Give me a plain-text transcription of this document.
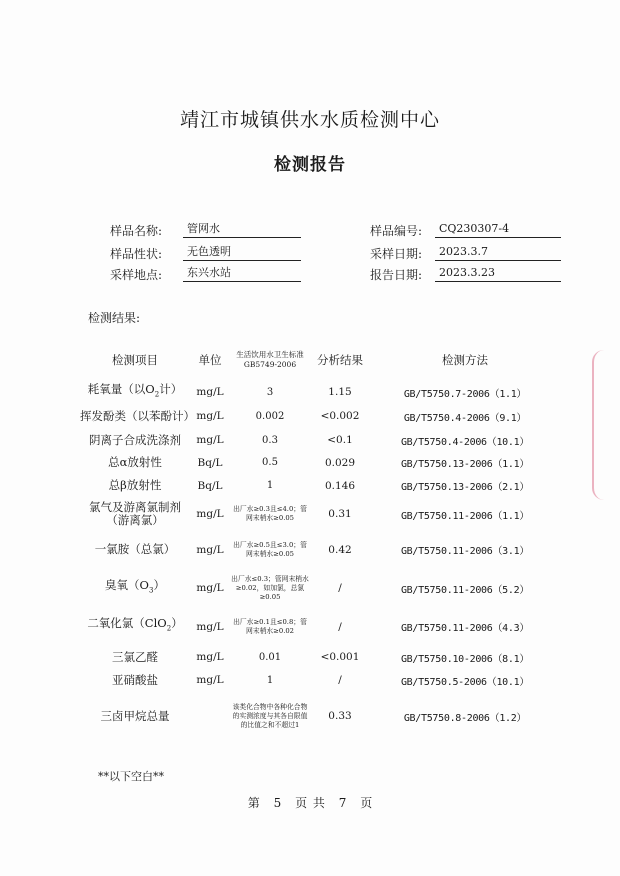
靖江市城镇供水水质检测中心
检测报告
样品名称:	管网水	样品编号:	CQ230307-4
样品性状:	无色透明	采样日期:	2023.3.7
采样地点:	东兴水站	报告日期:	2023.3.23
检测结果:
检测项目	单位	生活饮用水卫生标准GB5749-2006	分析结果	检测方法
耗氧量（以$O_2$计）	mg/L	3	1.15	GB/T5750.7-2006（1.1）
挥发酚类（以苯酚计）	mg/L	0.002	<0.002	GB/T5750.4-2006（9.1）
阴离子合成洗涤剂	mg/L	0.3	<0.1	GB/T5750.4-2006（10.1）
总α放射性	Bq/L	0.5	0.029	GB/T5750.13-2006（1.1）
总β放射性	Bq/L	1	0.146	GB/T5750.13-2006（2.1）
氯气及游离氯制剂（游离氯）	mg/L	出厂水≥0.3且≤4.0；管网末梢水≥0.05	0.31	GB/T5750.11-2006（1.1）
一氯胺（总氯）	mg/L	出厂水≥0.5且≤3.0；管网末梢水≥0.05	0.42	GB/T5750.11-2006（3.1）
臭氧$(O_3)$	mg/L	出厂水≤0.3；管网末梢水≥0.02，如加氯，总氯≥0.05	/	GB/T5750.11-2006（5.2）
二氧化氯（ClO$_2$）	mg/L	出厂水≥0.1且≤0.8；管网末梢水≥0.02	/	GB/T5750.11-2006（4.3）
三氯乙醛	mg/L	0.01	<0.001	GB/T5750.10-2006（8.1）
亚硝酸盐	mg/L	1	/	GB/T5750.5-2006（10.1）
三卤甲烷总量		该类化合物中各种化合物的实测浓度与其各自限值的比值之和不超过1	0.33	GB/T5750.8-2006（1.2）
**以下空白**
第 5 页 共 7 页
